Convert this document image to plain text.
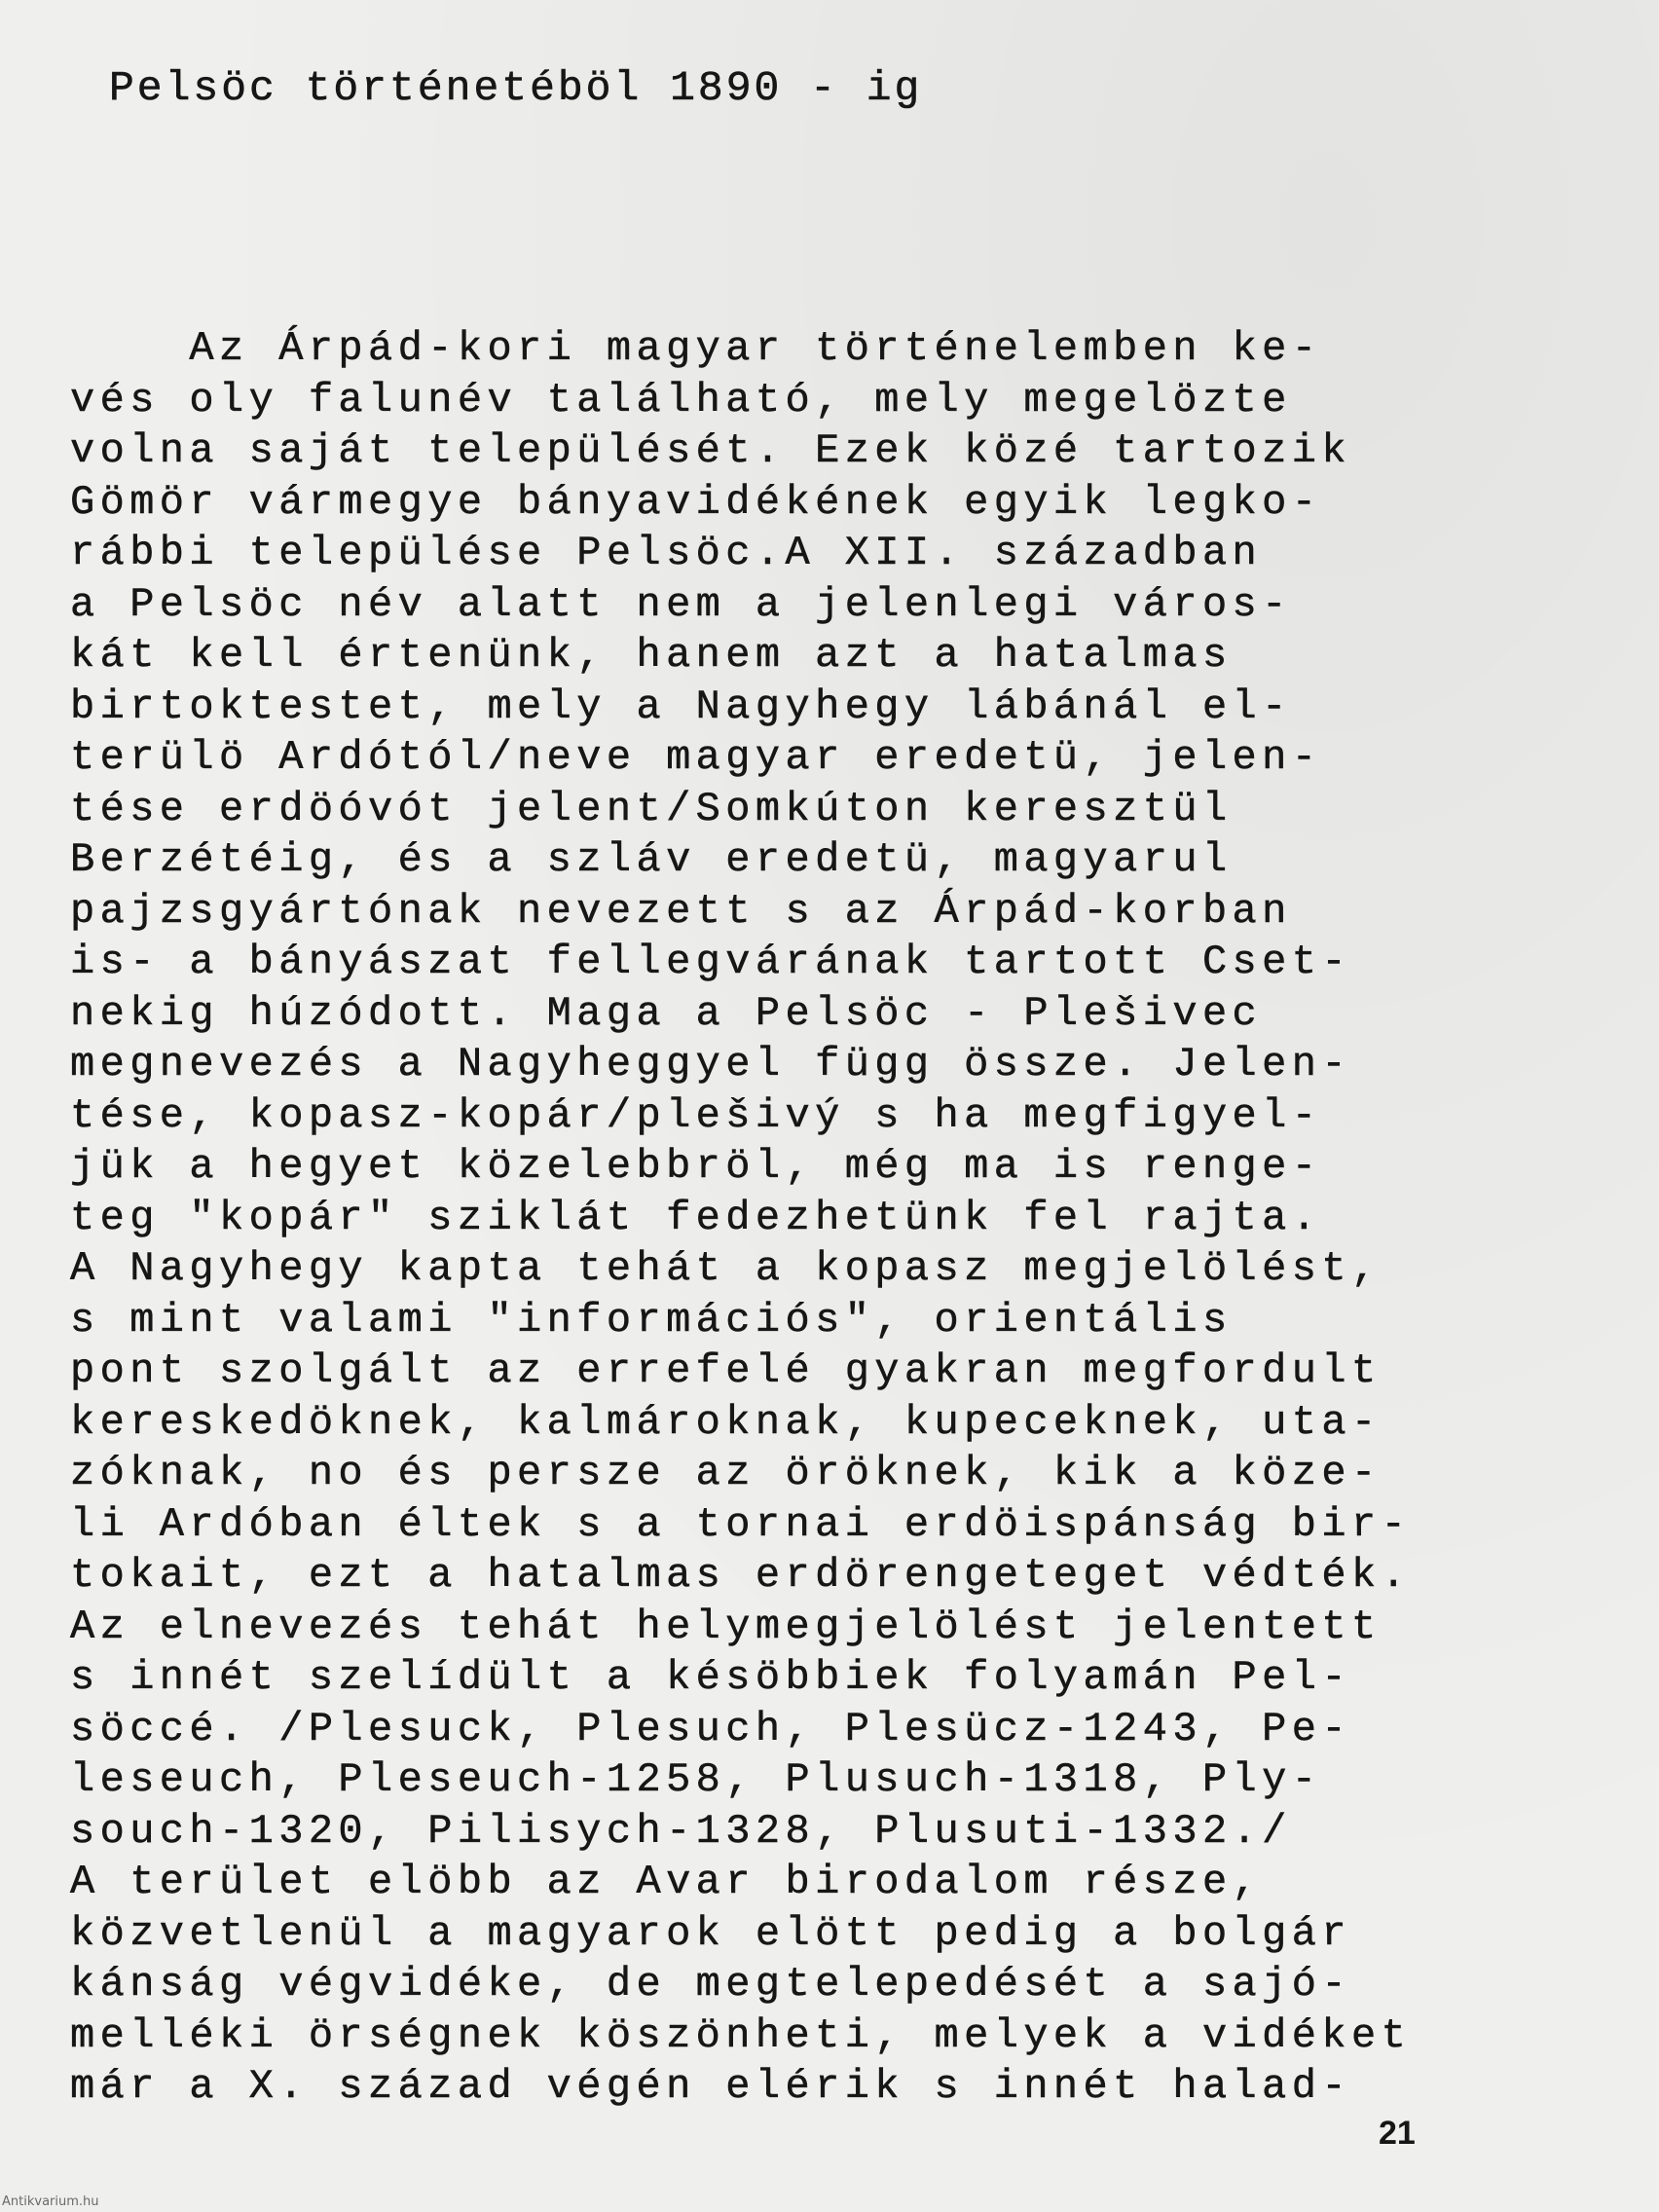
Pelsöc történetéböl 1890 - ig
Az Árpád-kori magyar történelemben ke-
vés oly falunév található, mely megelözte
volna saját települését. Ezek közé tartozik
Gömör vármegye bányavidékének egyik legko-
rábbi települése Pelsöc.A XII. században
a Pelsöc név alatt nem a jelenlegi város-
kát kell értenünk, hanem azt a hatalmas
birtoktestet, mely a Nagyhegy lábánál el-
terülö Ardótól/neve magyar eredetü, jelen-
tése erdöóvót jelent/Somkúton keresztül
Berzétéig, és a szláv eredetü, magyarul
pajzsgyártónak nevezett s az Árpád-korban
is- a bányászat fellegvárának tartott Cset-
nekig húzódott. Maga a Pelsöc - Plešivec
megnevezés a Nagyheggyel függ össze. Jelen-
tése, kopasz-kopár/plešivý s ha megfigyel-
jük a hegyet közelebbröl, még ma is renge-
teg "kopár" sziklát fedezhetünk fel rajta.
A Nagyhegy kapta tehát a kopasz megjelölést,
s mint valami "információs", orientális
pont szolgált az errefelé gyakran megfordult
kereskedöknek, kalmároknak, kupeceknek, uta-
zóknak, no és persze az öröknek, kik a köze-
li Ardóban éltek s a tornai erdöispánság bir-
tokait, ezt a hatalmas erdörengeteget védték.
Az elnevezés tehát helymegjelölést jelentett
s innét szelídült a késöbbiek folyamán Pel-
söccé. /Plesuck, Plesuch, Plesücz-1243, Pe-
leseuch, Pleseuch-1258, Plusuch-1318, Ply-
souch-1320, Pilisych-1328, Plusuti-1332./
A terület elöbb az Avar birodalom része,
közvetlenül a magyarok elött pedig a bolgár
kánság végvidéke, de megtelepedését a sajó-
melléki örségnek köszönheti, melyek a vidéket
már a X. század végén elérik s innét halad-
21
Antikvarium.hu
